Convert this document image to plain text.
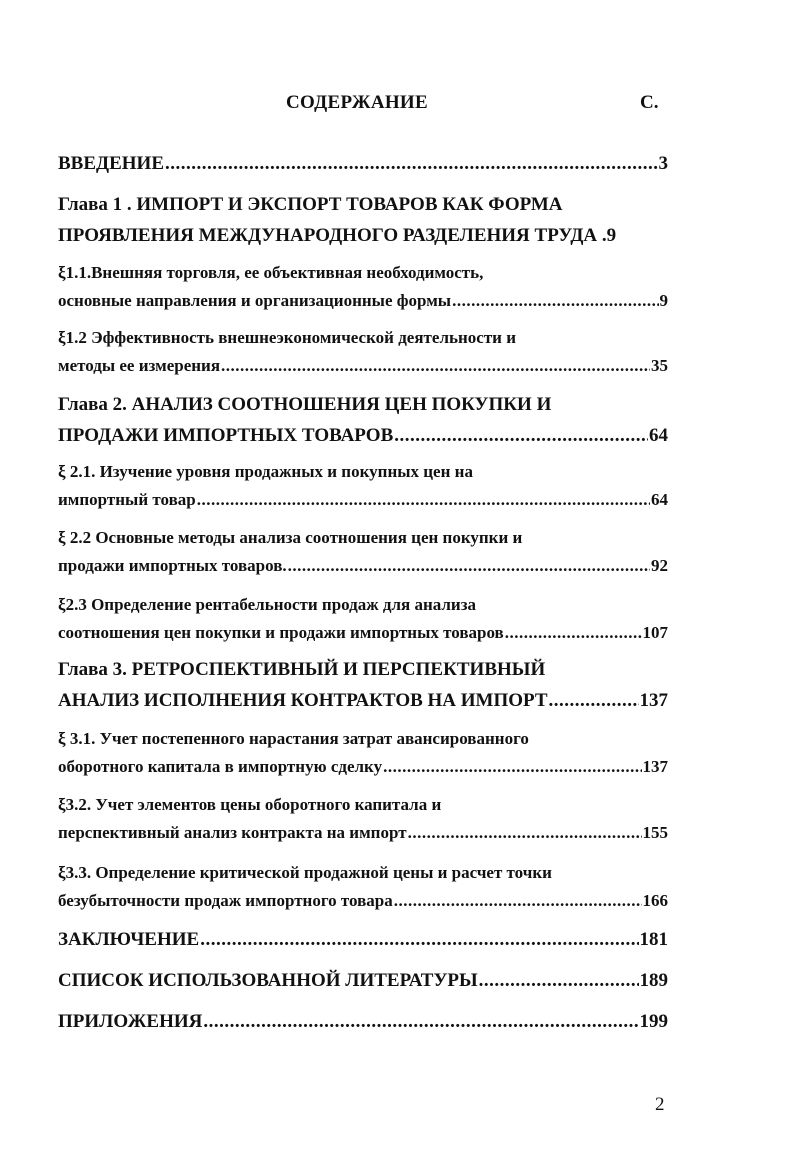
СОДЕРЖАНИЕ	С.
ВВЕДЕНИЕ .....	3
Глава 1 . ИМПОРТ И ЭКСПОРТ ТОВАРОВ КАК ФОРМА
ПРОЯВЛЕНИЯ МЕЖДУНАРОДНОГО РАЗДЕЛЕНИЯ ТРУДА . 9
ξ1.1.Внешняя торговля, ее объективная необходимость,
основные направления и организационные формы .....	9
ξ1.2 Эффективность внешнеэкономической деятельности и
методы ее измерения .....	35
Глава 2. АНАЛИЗ СООТНОШЕНИЯ ЦЕН ПОКУПКИ И
ПРОДАЖИ ИМПОРТНЫХ ТОВАРОВ .....	64
ξ 2.1. Изучение уровня продажных и покупных цен на
импортный товар .....	64
ξ 2.2 Основные методы анализа соотношения цен покупки и
продажи импортных товаров. .....	92
ξ2.3 Определение рентабельности продаж для анализа
соотношения цен покупки и продажи импортных товаров .....	107
Глава 3. РЕТРОСПЕКТИВНЫЙ И ПЕРСПЕКТИВНЫЙ
АНАЛИЗ ИСПОЛНЕНИЯ КОНТРАКТОВ НА ИМПОРТ .....	137
ξ 3.1. Учет постепенного нарастания затрат авансированного
оборотного капитала в импортную сделку .....	137
ξ3.2. Учет элементов цены оборотного капитала и
перспективный анализ контракта на импорт .....	155
ξ3.3. Определение критической продажной цены и расчет точки
безубыточности продаж импортного товара .....	166
ЗАКЛЮЧЕНИЕ .....	181
СПИСОК ИСПОЛЬЗОВАННОЙ ЛИТЕРАТУРЫ .....	189
ПРИЛОЖЕНИЯ .....	199
2
